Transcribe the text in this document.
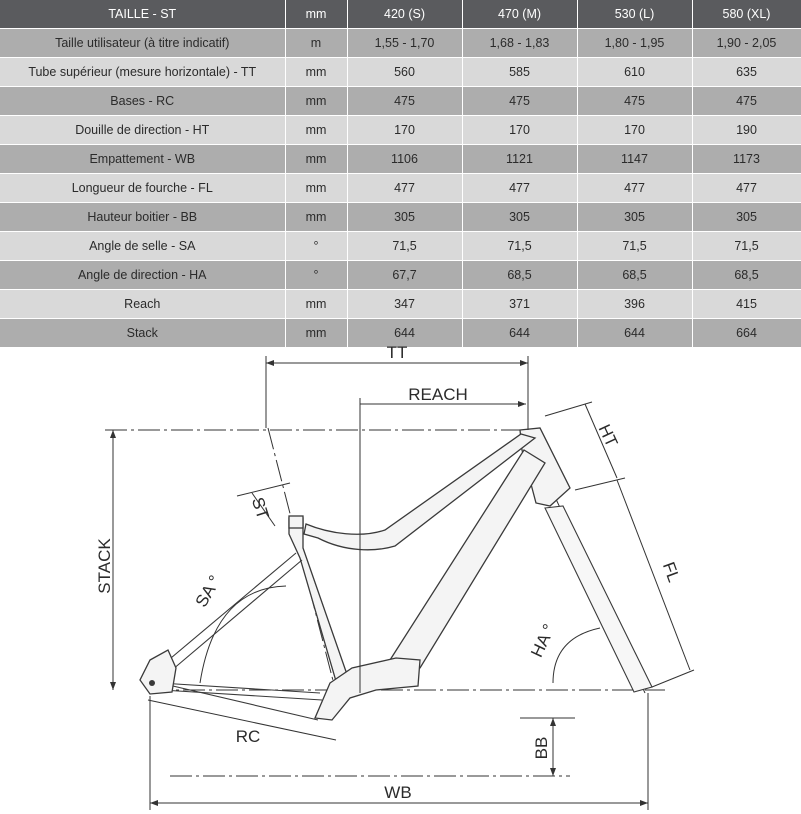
TAILLE - ST	mm	420 (S)	470 (M)	530 (L)	580 (XL)
Taille utilisateur (à titre indicatif)	m	1,55 - 1,70	1,68 - 1,83	1,80 - 1,95	1,90 - 2,05
Tube supérieur (mesure horizontale) - TT	mm	560	585	610	635
Bases - RC	mm	475	475	475	475
Douille de direction - HT	mm	170	170	170	190
Empattement - WB	mm	1106	1121	1147	1173
Longueur de fourche - FL	mm	477	477	477	477
Hauteur boitier - BB	mm	305	305	305	305
Angle de selle - SA	°	71,5	71,5	71,5	71,5
Angle de direction - HA	°	67,7	68,5	68,5	68,5
Reach	mm	347	371	396	415
Stack	mm	644	644	644	664
TT
REACH
HT
FL
ST
SA °
HA °
STACK
RC
BB
WB
